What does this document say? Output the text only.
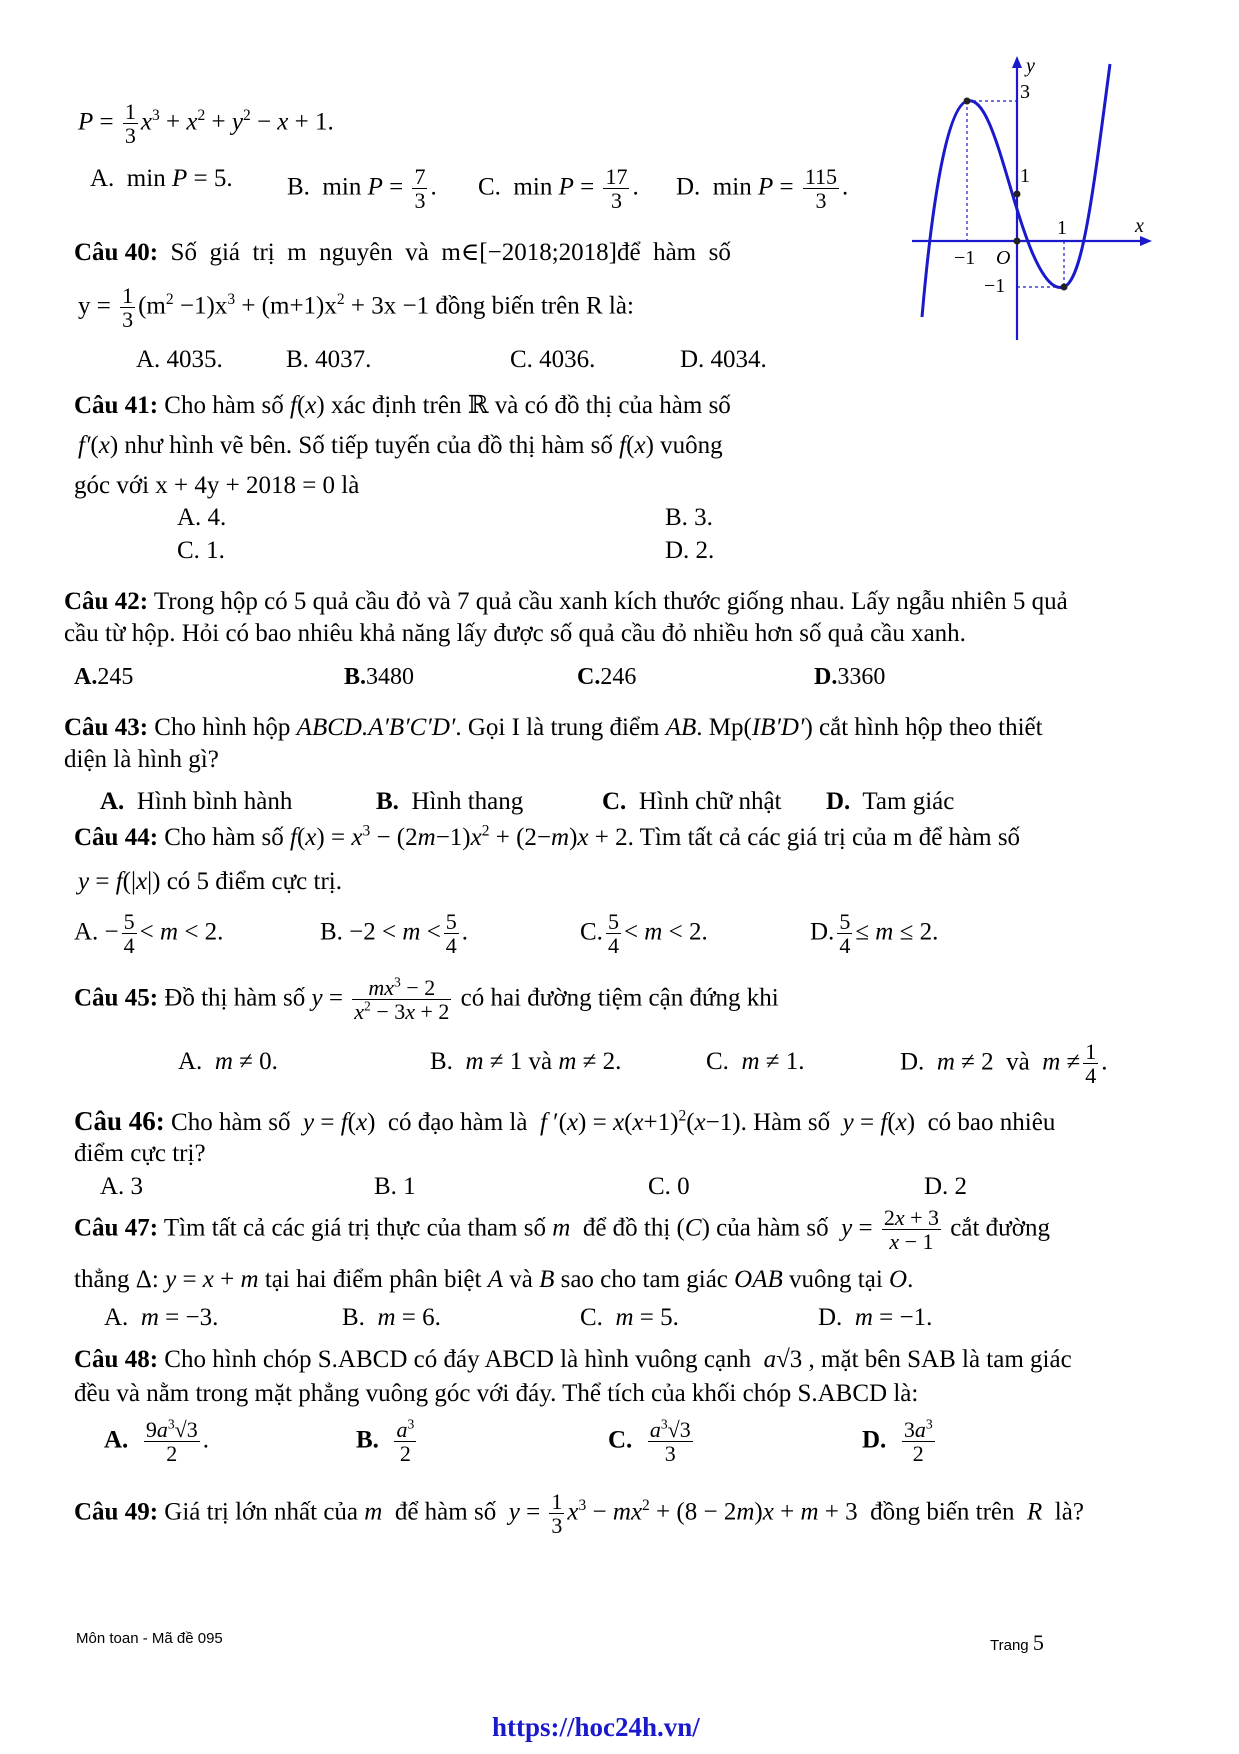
$P = \frac{1}{3} x^3 + x^2 + y^2 - x + 1$.
A.  min P = 5. B.  $\min P = \frac{7}{3}$ . C.  $\min P = \frac{17}{3}$ . D.  $\min P = \frac{115}{3}$ .
Câu 40:  Số  giá  trị  m  nguyên  và  m∈[−2018;2018]để  hàm  số
$y = \frac{1}{3} (m^2 -1)x^3 + (m+1)x^2 + 3x -1$ đồng biến trên R là:
A. 4035.	B. 4037.	C. 4036.	D. 4034.
y
x
O
3
1
1
−1
−1
Câu 41: Cho hàm số f(x) xác định trên ℝ và có đồ thị của hàm số
f′(x) như hình vẽ bên. Số tiếp tuyến của đồ thị hàm số f(x) vuông
góc với x + 4y + 2018 = 0 là
A. 4.	B. 3.
C. 1.	D. 2.
Câu 42: Trong hộp có 5 quả cầu đỏ và 7 quả cầu xanh kích thước giống nhau. Lấy ngẫu nhiên 5 quả
cầu từ hộp. Hỏi có bao nhiêu khả năng lấy được số quả cầu đỏ nhiều hơn số quả cầu xanh.
A.245	B.3480	C.246	D.3360
Câu 43: Cho hình hộp ABCD.A′B′C′D′. Gọi I là trung điểm AB. Mp(IB′D′) cắt hình hộp theo thiết
diện là hình gì?
A. Hình bình hành	B. Hình thang	C. Hình chữ nhật D. Tam giác
Câu 44: Cho hàm số $f(x) = x^3 - (2m-1)x^2 + (2-m)x + 2$. Tìm tất cả các giá trị của m để hàm số
y = f(|x|) có 5 điểm cực trị.
A. − $\frac{5}{4} < m < 2$.	B. $-2 < m < \frac{5}{4}$ .	C. $\frac{5}{4} < m < 2$.	D. $\frac{5}{4} \le m \le 2$.
Câu 45: Đồ thị hàm số $y = \frac{mx^3 - 2}{x^2 - 3x + 2}$ có hai đường tiệm cận đứng khi
A.  m ≠ 0.	B.  m ≠ 1 và m ≠ 2.	C.  m ≠ 1.	D.  m ≠ 2  và  $m \ne \frac{1}{4}$ .
Câu 46: Cho hàm số  y = f(x)  có đạo hàm là  f $'(x) = x(x+1)^2(x-1)$. Hàm số  y = f(x)  có bao nhiêu
điểm cực trị?
A. 3	B. 1	C. 0	D. 2
Câu 47: Tìm tất cả các giá trị thực của tham số m  để đồ thị (C) của hàm số  $y = \frac{2x + 3}{x - 1}$ cắt đường
thẳng Δ: y = x + m tại hai điểm phân biệt A và B sao cho tam giác OAB vuông tại O.
A.  m = −3.	B.  m = 6.	C.  m = 5.	D.  m = −1.
Câu 48: Cho hình chóp S.ABCD có đáy ABCD là hình vuông cạnh  a√3 , mặt bên SAB là tam giác
đều và nằm trong mặt phẳng vuông góc với đáy. Thể tích của khối chóp S.ABCD là:
A. $\frac{9a^3√3}{2}$ .	B. $\frac{a^3}{2}$	C. $\frac{a^3√3}{3}$	D. $\frac{3a^3}{2}$
Câu 49: Giá trị lớn nhất của m  để hàm số  $y = \frac{1}{3} x^3 - mx^2 + (8 - 2m)x + m + 3$  đồng biến trên  R  là?
Môn toan - Mã đề 095	Trang 5
https://hoc24h.vn/
